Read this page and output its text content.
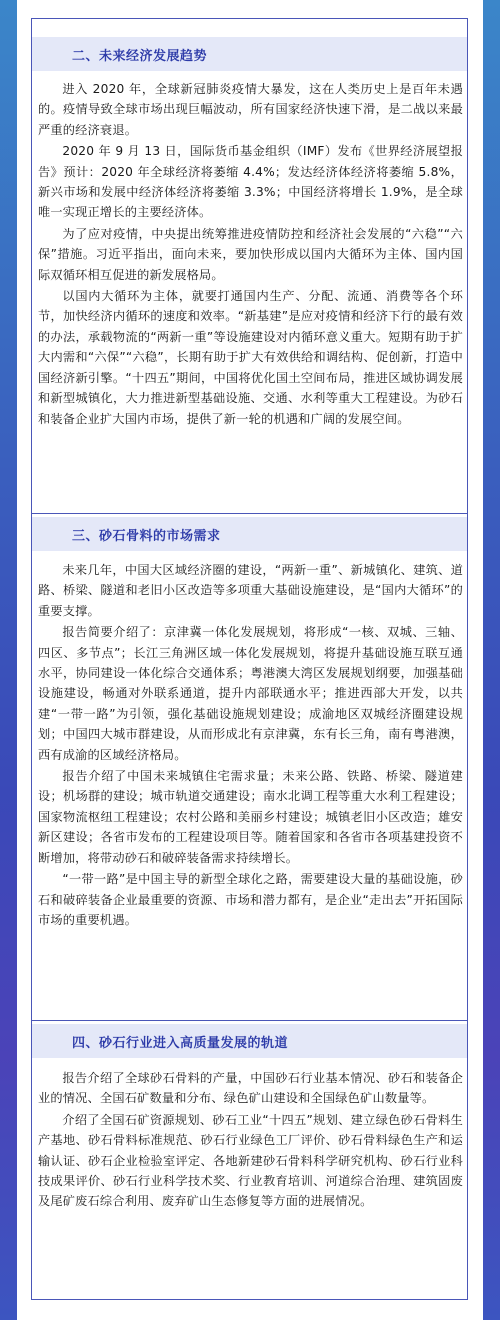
二、未来经济发展趋势

进入 2020 年，全球新冠肺炎疫情大暴发，这在人类历史上是百年未遇的。疫情导致全球市场出现巨幅波动，所有国家经济快速下滑，是二战以来最严重的经济衰退。

2020 年 9 月 13 日，国际货币基金组织（IMF）发布《世界经济展望报告》预计：2020 年全球经济将萎缩 4.4%；发达经济体经济将萎缩 5.8%，新兴市场和发展中经济体经济将萎缩 3.3%；中国经济将增长 1.9%，是全球唯一实现正增长的主要经济体。

为了应对疫情，中央提出统筹推进疫情防控和经济社会发展的“六稳”“六保”措施。习近平指出，面向未来，要加快形成以国内大循环为主体、国内国际双循环相互促进的新发展格局。

以国内大循环为主体，就要打通国内生产、分配、流通、消费等各个环节，加快经济内循环的速度和效率。“新基建”是应对疫情和经济下行的最有效的办法，承载物流的“两新一重”等设施建设对内循环意义重大。短期有助于扩大内需和“六保”“六稳”，长期有助于扩大有效供给和调结构、促创新，打造中国经济新引擎。“十四五”期间，中国将优化国土空间布局，推进区域协调发展和新型城镇化，大力推进新型基础设施、交通、水利等重大工程建设。为砂石和装备企业扩大国内市场，提供了新一轮的机遇和广阔的发展空间。

三、砂石骨料的市场需求

未来几年，中国大区域经济圈的建设，“两新一重”、新城镇化、建筑、道路、桥梁、隧道和老旧小区改造等多项重大基础设施建设，是“国内大循环”的重要支撑。

报告简要介绍了：京津冀一体化发展规划，将形成“一核、双城、三轴、四区、多节点”；长江三角洲区域一体化发展规划，将提升基础设施互联互通水平，协同建设一体化综合交通体系；粤港澳大湾区发展规划纲要，加强基础设施建设，畅通对外联系通道，提升内部联通水平；推进西部大开发，以共建“一带一路”为引领，强化基础设施规划建设；成渝地区双城经济圈建设规划；中国四大城市群建设，从而形成北有京津冀，东有长三角，南有粤港澳，西有成渝的区域经济格局。

报告介绍了中国未来城镇住宅需求量；未来公路、铁路、桥梁、隧道建设；机场群的建设；城市轨道交通建设；南水北调工程等重大水利工程建设；国家物流枢纽工程建设；农村公路和美丽乡村建设；城镇老旧小区改造；雄安新区建设；各省市发布的工程建设项目等。随着国家和各省市各项基建投资不断增加，将带动砂石和破碎装备需求持续增长。

“一带一路”是中国主导的新型全球化之路，需要建设大量的基础设施，砂石和破碎装备企业最重要的资源、市场和潜力都有，是企业“走出去”开拓国际市场的重要机遇。

四、砂石行业进入高质量发展的轨道

报告介绍了全球砂石骨料的产量，中国砂石行业基本情况、砂石和装备企业的情况、全国石矿数量和分布、绿色矿山建设和全国绿色矿山数量等。

介绍了全国石矿资源规划、砂石工业“十四五”规划、建立绿色砂石骨料生产基地、砂石骨料标准规范、砂石行业绿色工厂评价、砂石骨料绿色生产和运输认证、砂石企业检验室评定、各地新建砂石骨料科学研究机构、砂石行业科技成果评价、砂石行业科学技术奖、行业教育培训、河道综合治理、建筑固废及尾矿废石综合利用、废弃矿山生态修复等方面的进展情况。
